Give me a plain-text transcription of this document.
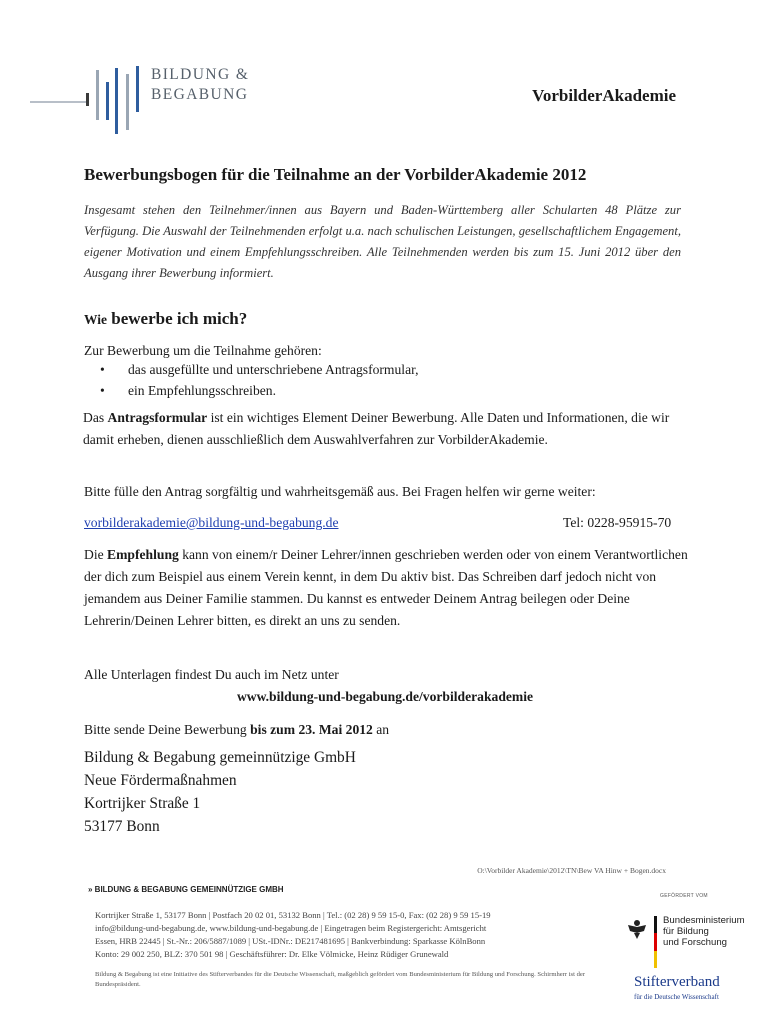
BILDUNG &
BEGABUNG	VorbilderAkademie
Bewerbungsbogen für die Teilnahme an der VorbilderAkademie 2012
Insgesamt stehen den Teilnehmer/innen aus Bayern und Baden-Württemberg aller Schularten 48 Plätze zur Verfügung. Die Auswahl der Teilnehmenden erfolgt u.a. nach schulischen Leistungen, gesellschaftlichem Engagement, eigener Motivation und einem Empfehlungsschreiben. Alle Teilnehmenden werden bis zum 15. Juni 2012 über den Ausgang ihrer Bewerbung informiert.
Wie bewerbe ich mich?
Zur Bewerbung um die Teilnahme gehören:
• das ausgefüllte und unterschriebene Antragsformular,
• ein Empfehlungsschreiben.
Das Antragsformular ist ein wichtiges Element Deiner Bewerbung. Alle Daten und Informationen, die wir damit erheben, dienen ausschließlich dem Auswahlverfahren zur VorbilderAkademie.
Bitte fülle den Antrag sorgfältig und wahrheitsgemäß aus. Bei Fragen helfen wir gerne weiter:
vorbilderakademie@bildung-und-begabung.de	Tel: 0228-95915-70
Die Empfehlung kann von einem/r Deiner Lehrer/innen geschrieben werden oder von einem Verantwortlichen der dich zum Beispiel aus einem Verein kennt, in dem Du aktiv bist. Das Schreiben darf jedoch nicht von jemandem aus Deiner Familie stammen. Du kannst es entweder Deinem Antrag beilegen oder Deine Lehrerin/Deinen Lehrer bitten, es direkt an uns zu senden.
Alle Unterlagen findest Du auch im Netz unter
www.bildung-und-begabung.de/vorbilderakademie
Bitte sende Deine Bewerbung bis zum 23. Mai 2012 an
Bildung & Begabung gemeinnützige GmbH
Neue Fördermaßnahmen
Kortrijker Straße 1
53177 Bonn
O:\Vorbilder Akademie\2012\TN\Bew VA Hinw + Bogen.docx
» BILDUNG & BEGABUNG GEMEINNÜTZIGE GMBH
Kortrijker Straße 1, 53177 Bonn | Postfach 20 02 01, 53132 Bonn | Tel.: (02 28) 9 59 15-0, Fax: (02 28) 9 59 15-19
info@bildung-und-begabung.de, www.bildung-und-begabung.de | Eingetragen beim Registergericht: Amtsgericht
Essen, HRB 22445 | St.-Nr.: 206/5887/1089 | USt.-IDNr.: DE217481695 | Bankverbindung: Sparkasse KölnBonn
Konto: 29 002 250, BLZ: 370 501 98 | Geschäftsführer: Dr. Elke Völmicke, Heinz Rüdiger Grunewald
Bildung & Begabung ist eine Initiative des Stifterverbandes für die Deutsche Wissenschaft, maßgeblich gefördert vom Bundesministerium für Bildung und Forschung. Schirmherr ist der Bundespräsident.
GEFÖRDERT VOM
Bundesministerium
für Bildung
und Forschung
Stifterverband
für die Deutsche Wissenschaft
